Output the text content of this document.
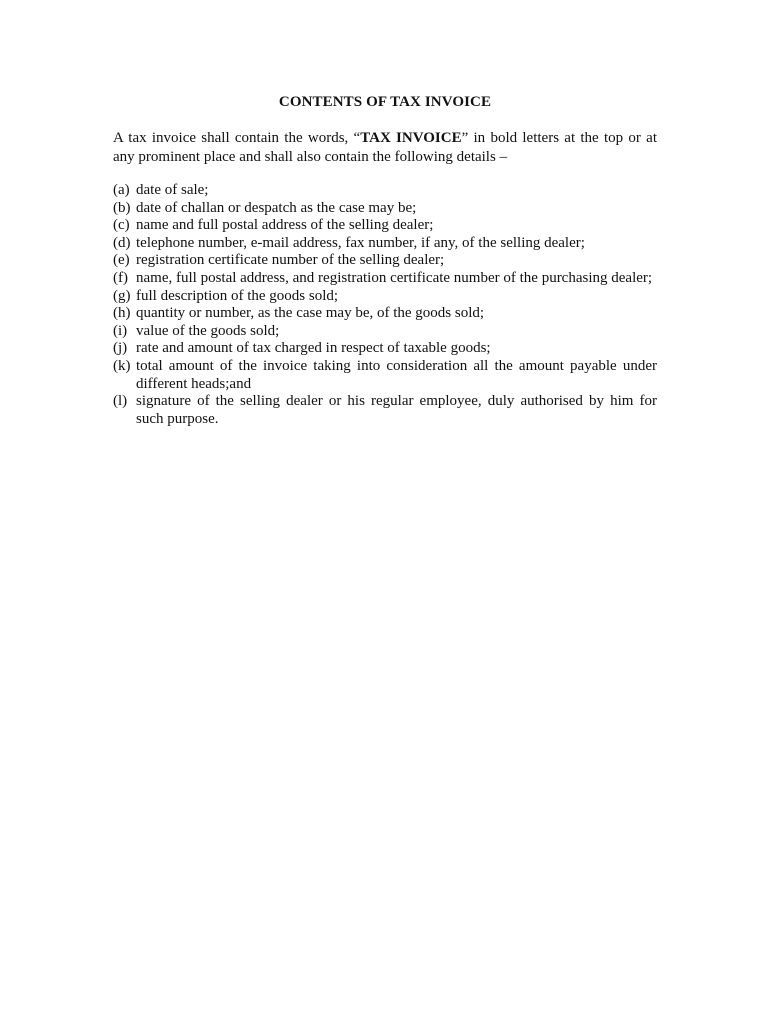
CONTENTS OF TAX INVOICE

A tax invoice shall contain the words, “TAX INVOICE” in bold letters at the top or at any prominent place and shall also contain the following details –

(a) date of sale;
(b) date of challan or despatch as the case may be;
(c) name and full postal address of the selling dealer;
(d) telephone number, e-mail address, fax number, if any, of the selling dealer;
(e) registration certificate number of the selling dealer;
(f) name, full postal address, and registration certificate number of the purchasing dealer;
(g) full description of the goods sold;
(h) quantity or number, as the case may be, of the goods sold;
(i) value of the goods sold;
(j) rate and amount of tax charged in respect of taxable goods;
(k) total amount of the invoice taking into consideration all the amount payable under different heads;and
(l) signature of the selling dealer or his regular employee, duly authorised by him for such purpose.
